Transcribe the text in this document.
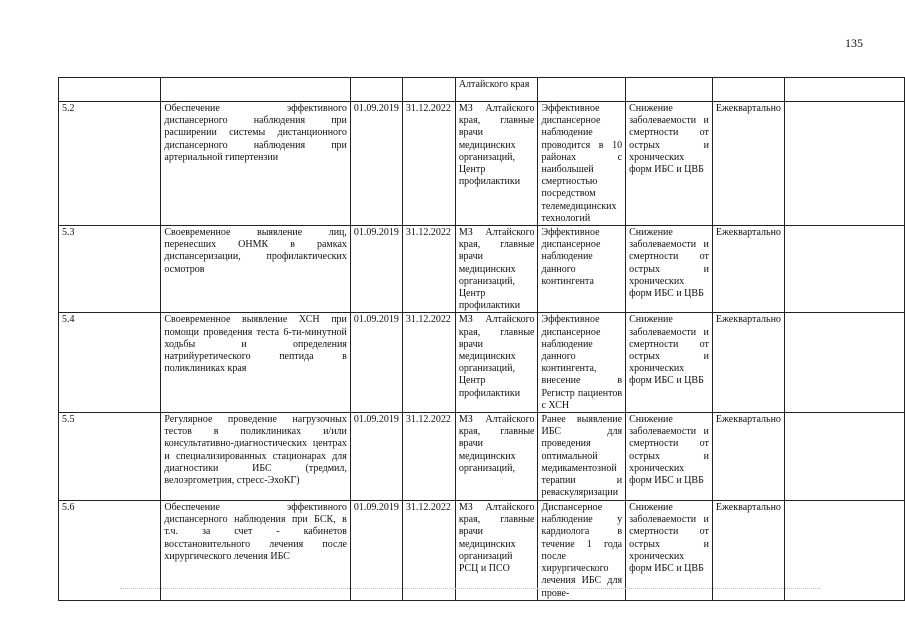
135
				Алтайского края				
5.2	Обеспечение эффективного диспансерного наблюдения при расширении системы дистанционного диспансерного наблюдения при артериальной гипертензии	01.09.2019	31.12.2022	МЗ Алтайского края, главные врачи медицинских организаций, Центр профилактики	Эффективное диспансерное наблюдение проводится в 10 районах с наибольшей смертностью посредством телемедицинских технологий	Снижение заболеваемости и смертности от острых и хронических форм ИБС и ЦВБ	Ежеквартально	
5.3	Своевременное выявление лиц, перенесших ОНМК в рамках диспансеризации, профилактических осмотров	01.09.2019	31.12.2022	МЗ Алтайского края, главные врачи медицинских организаций, Центр профилактики	Эффективное диспансерное наблюдение данного контингента	Снижение заболеваемости и смертности от острых и хронических форм ИБС и ЦВБ	Ежеквартально	
5.4	Своевременное выявление ХСН при помощи проведения теста 6-ти-минутной ходьбы и определения натрийуретического пептида в поликлиниках края	01.09.2019	31.12.2022	МЗ Алтайского края, главные врачи медицинских организаций, Центр профилактики	Эффективное диспансерное наблюдение данного контингента, внесение в Регистр пациентов с ХСН	Снижение заболеваемости и смертности от острых и хронических форм ИБС и ЦВБ	Ежеквартально	
5.5	Регулярное проведение нагрузочных тестов в поликлиниках и/или консультативно-диагностических центрах и специализированных стационарах для диагностики ИБС (тредмил, велоэргометрия, стресс-ЭхоКГ)	01.09.2019	31.12.2022	МЗ Алтайского края, главные врачи медицинских организаций,	Ранее выявление ИБС для проведения оптимальной медикаментозной терапии и реваскуляризации	Снижение заболеваемости и смертности от острых и хронических форм ИБС и ЦВБ	Ежеквартально	
5.6	Обеспечение эффективного диспансерного наблюдения при БСК, в т.ч. за счет - кабинетов восстановительного лечения после хирургического лечения ИБС	01.09.2019	31.12.2022	МЗ Алтайского края, главные врачи медицинских организаций РСЦ и ПСО	Диспансерное наблюдение у кардиолога в течение 1 года после хирургического лечения ИБС для прове-	Снижение заболеваемости и смертности от острых и хронических форм ИБС и ЦВБ	Ежеквартально	
